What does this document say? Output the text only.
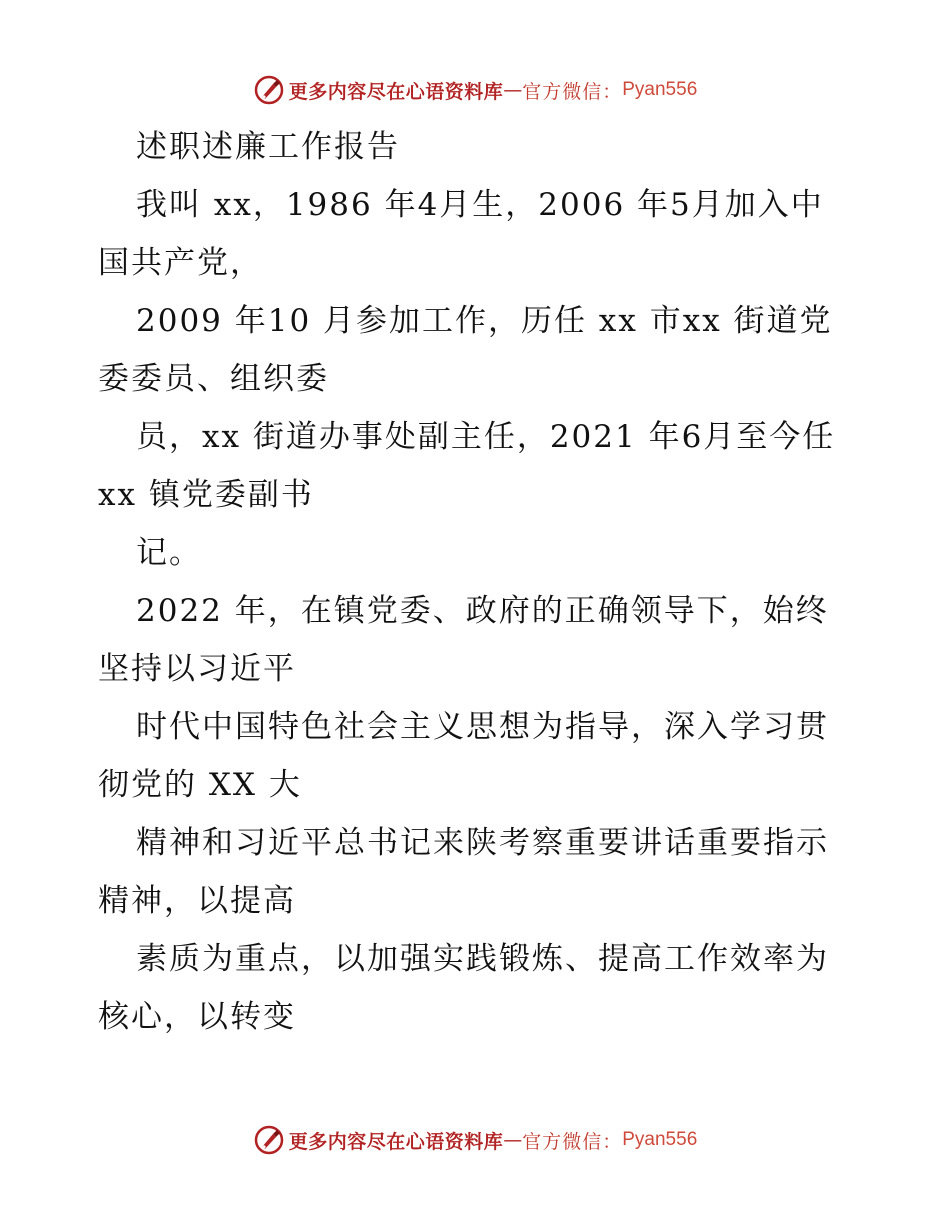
更多内容尽在心语资料库 — 官方微信： Pyan556
述职述廉工作报告
我叫 xx，1986 年4月生，2006 年5月加入中
国共产党，
2009 年10 月参加工作，历任 xx 市xx 街道党
委委员、组织委
员，xx 街道办事处副主任，2021 年6月至今任
xx 镇党委副书
记。
2022 年，在镇党委、政府的正确领导下，始终
坚持以习近平
时代中国特色社会主义思想为指导，深入学习贯
彻党的 XX 大
精神和习近平总书记来陕考察重要讲话重要指示
精神，以提高
素质为重点，以加强实践锻炼、提高工作效率为
核心，以转变
更多内容尽在心语资料库 — 官方微信： Pyan556
